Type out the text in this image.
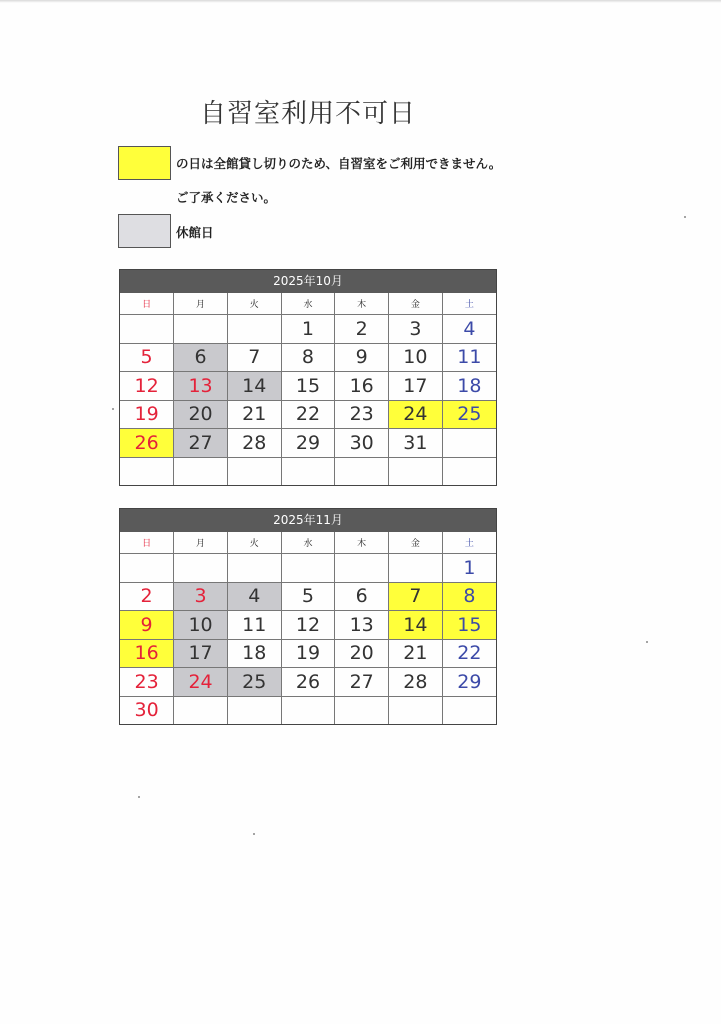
自習室利用不可日
の日は全館貸し切りのため、自習室をご利用できません。
ご了承ください。
休館日
2025年10月
日	月	火	水	木	金	土
			1	2	3	4
5	6	7	8	9	10	11
12	13	14	15	16	17	18
19	20	21	22	23	24	25
26	27	28	29	30	31	

2025年11月
日	月	火	水	木	金	土
						1
2	3	4	5	6	7	8
9	10	11	12	13	14	15
16	17	18	19	20	21	22
23	24	25	26	27	28	29
30						
